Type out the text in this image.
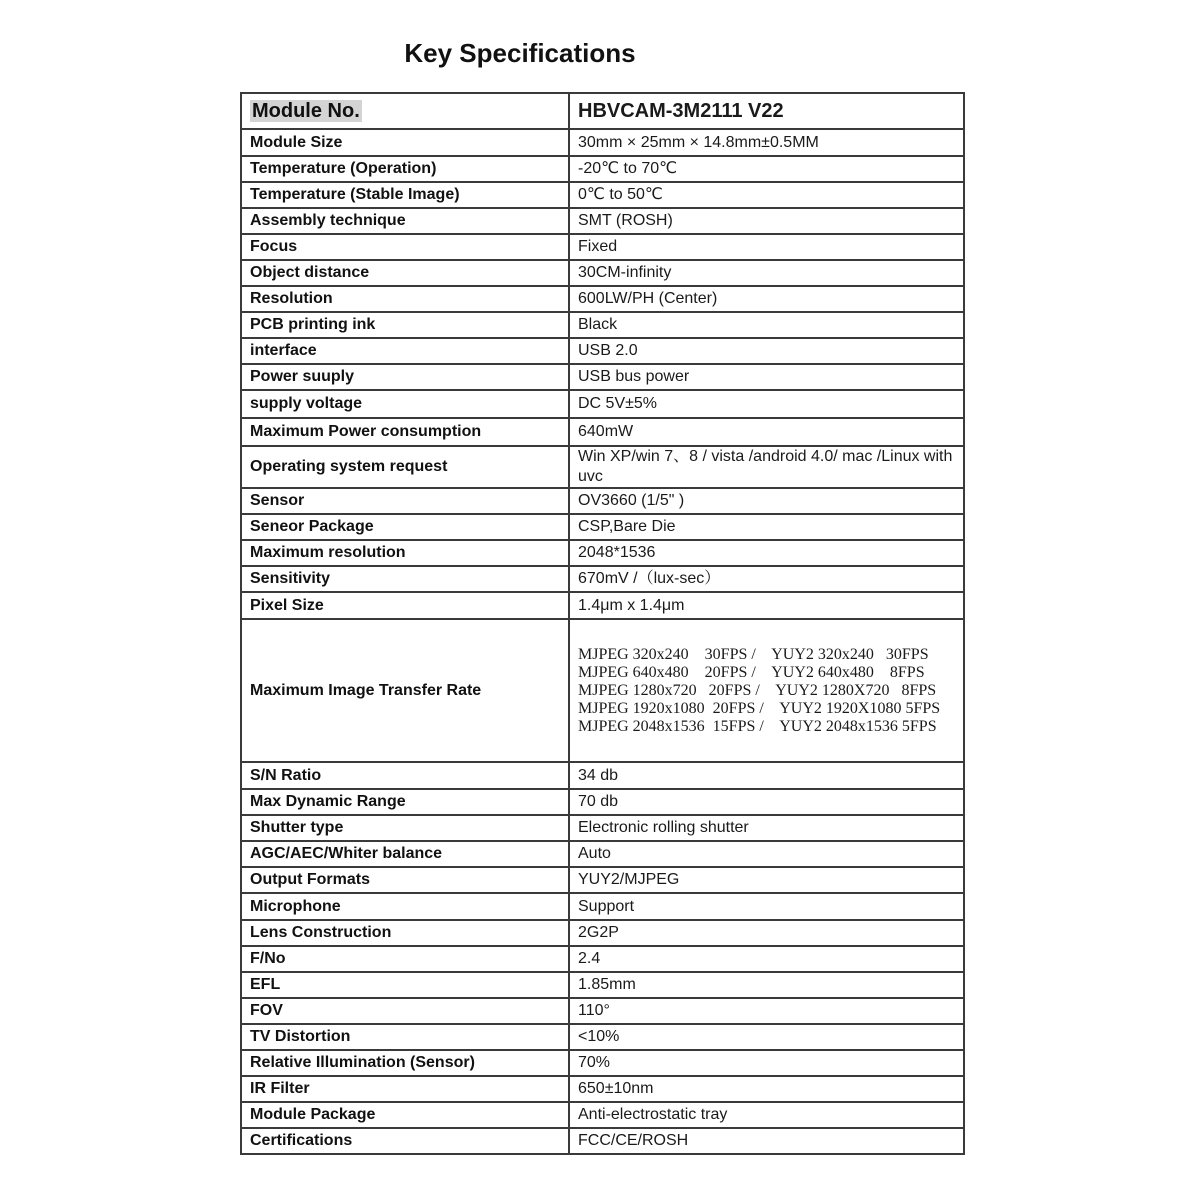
Key Specifications
Module No.	HBVCAM-3M2111 V22
Module Size	30mm × 25mm × 14.8mm±0.5MM
Temperature (Operation)	-20℃ to 70℃
Temperature (Stable Image)	0℃ to 50℃
Assembly technique	SMT (ROSH)
Focus	Fixed
Object distance	30CM-infinity
Resolution	600LW/PH (Center)
PCB printing ink	Black
interface	USB 2.0
Power suuply	USB bus power
supply voltage	DC 5V±5%
Maximum Power consumption	640mW
Operating system request	Win XP/win 7、8 / vista /android 4.0/ mac /Linux with uvc
Sensor	OV3660 (1/5" )
Seneor Package	CSP,Bare Die
Maximum resolution	2048*1536
Sensitivity	670mV /（lux-sec）
Pixel Size	1.4μm x 1.4μm
Maximum Image Transfer Rate	MJPEG 320x240    30FPS /    YUY2 320x240   30FPS
MJPEG 640x480    20FPS /    YUY2 640x480    8FPS
MJPEG 1280x720   20FPS /    YUY2 1280X720   8FPS
MJPEG 1920x1080  20FPS /    YUY2 1920X1080 5FPS
MJPEG 2048x1536  15FPS /    YUY2 2048x1536 5FPS

S/N Ratio	34 db
Max Dynamic Range	70 db
Shutter type	Electronic rolling shutter
AGC/AEC/Whiter balance	Auto
Output Formats	YUY2/MJPEG
Microphone	Support
Lens Construction	2G2P
F/No	2.4
EFL	1.85mm
FOV	110°
TV Distortion	<10%
Relative Illumination (Sensor)	70%
IR Filter	650±10nm
Module Package	Anti-electrostatic tray
Certifications	FCC/CE/ROSH
